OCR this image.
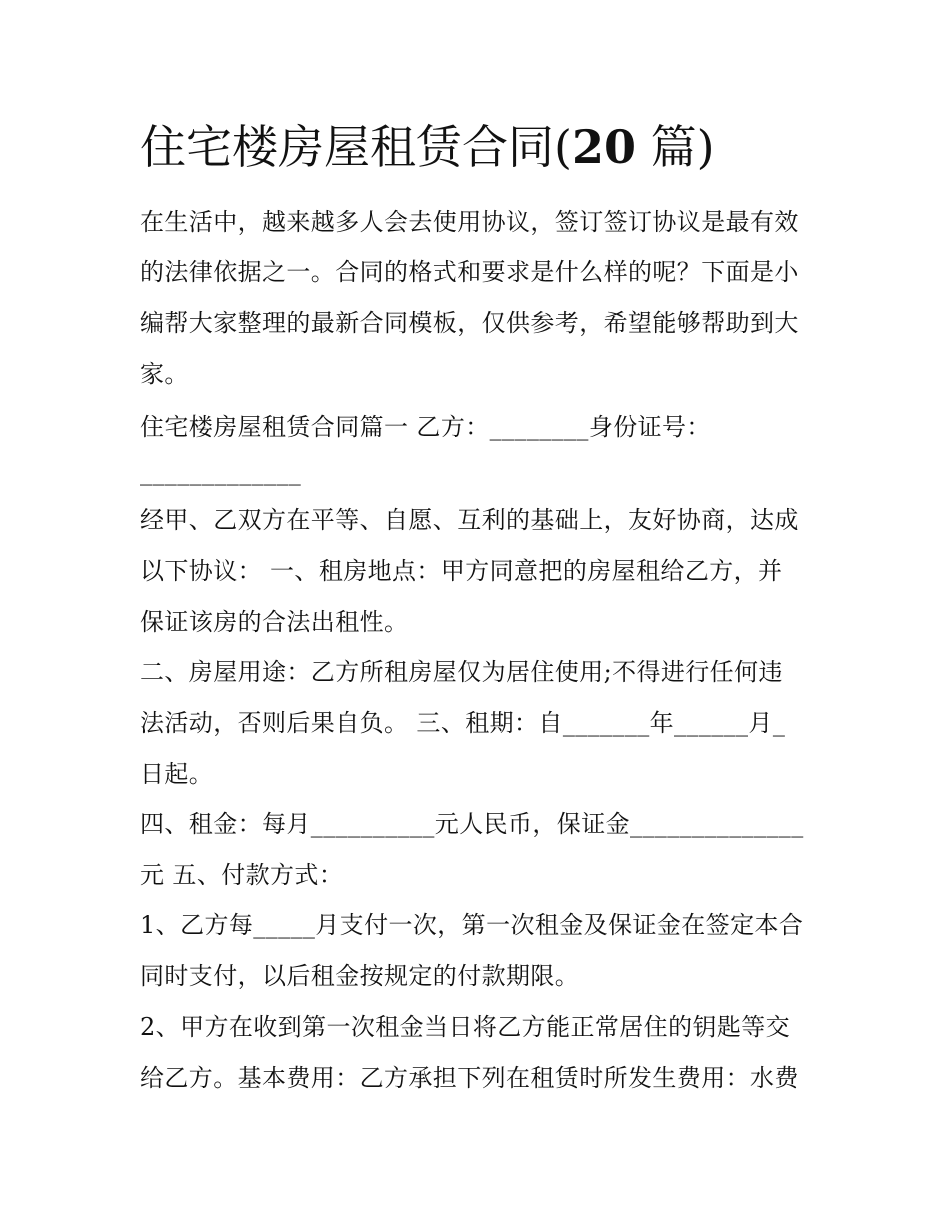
住宅楼房屋租赁合同(20 篇)
在生活中，越来越多人会去使用协议，签订签订协议是最有效
的法律依据之一。合同的格式和要求是什么样的呢？下面是小
编帮大家整理的最新合同模板，仅供参考，希望能够帮助到大
家。
住宅楼房屋租赁合同篇一 乙方：________身份证号：
_____________
经甲、乙双方在平等、自愿、互利的基础上，友好协商，达成
以下协议： 一、租房地点：甲方同意把的房屋租给乙方，并
保证该房的合法出租性。
二、房屋用途：乙方所租房屋仅为居住使用;不得进行任何违
法活动，否则后果自负。 三、租期：自_______年______月_
日起。
四、租金：每月__________元人民币，保证金______________
元 五、付款方式：
1、乙方每_____月支付一次，第一次租金及保证金在签定本合
同时支付，以后租金按规定的付款期限。
2、甲方在收到第一次租金当日将乙方能正常居住的钥匙等交
给乙方。基本费用：乙方承担下列在租赁时所发生费用：水费
